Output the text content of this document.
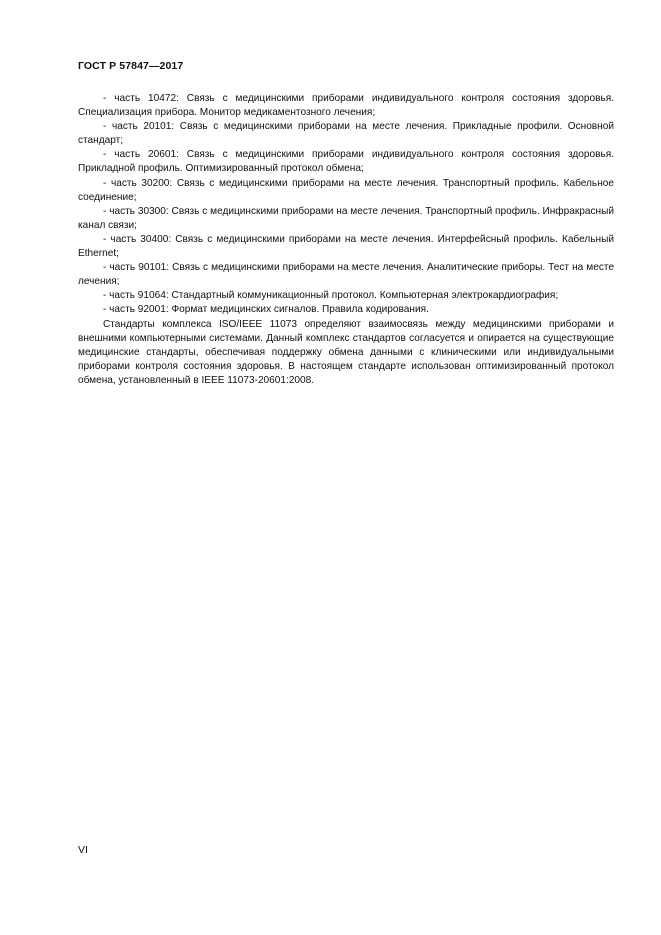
ГОСТ Р 57847—2017

- часть 10472: Связь с медицинскими приборами индивидуального контроля состояния здоровья. Специализация прибора. Монитор медикаментозного лечения;

- часть 20101: Связь с медицинскими приборами на месте лечения. Прикладные профили. Основной стандарт;

- часть 20601: Связь с медицинскими приборами индивидуального контроля состояния здоровья. Прикладной профиль. Оптимизированный протокол обмена;

- часть 30200: Связь с медицинскими приборами на месте лечения. Транспортный профиль. Кабельное соединение;

- часть 30300: Связь с медицинскими приборами на месте лечения. Транспортный профиль. Инфракрасный канал связи;

- часть 30400: Связь с медицинскими приборами на месте лечения. Интерфейсный профиль. Кабельный Ethernet;

- часть 90101: Связь с медицинскими приборами на месте лечения. Аналитические приборы. Тест на месте лечения;

- часть 91064: Стандартный коммуникационный протокол. Компьютерная электрокардиография;

- часть 92001: Формат медицинских сигналов. Правила кодирования.

Стандарты комплекса ISO/IEEE 11073 определяют взаимосвязь между медицинскими приборами и внешними компьютерными системами. Данный комплекс стандартов согласуется и опирается на существующие медицинские стандарты, обеспечивая поддержку обмена данными с клиническими или индивидуальными приборами контроля состояния здоровья. В настоящем стандарте использован оптимизированный протокол обмена, установленный в IEEE 11073-20601:2008.

VI
